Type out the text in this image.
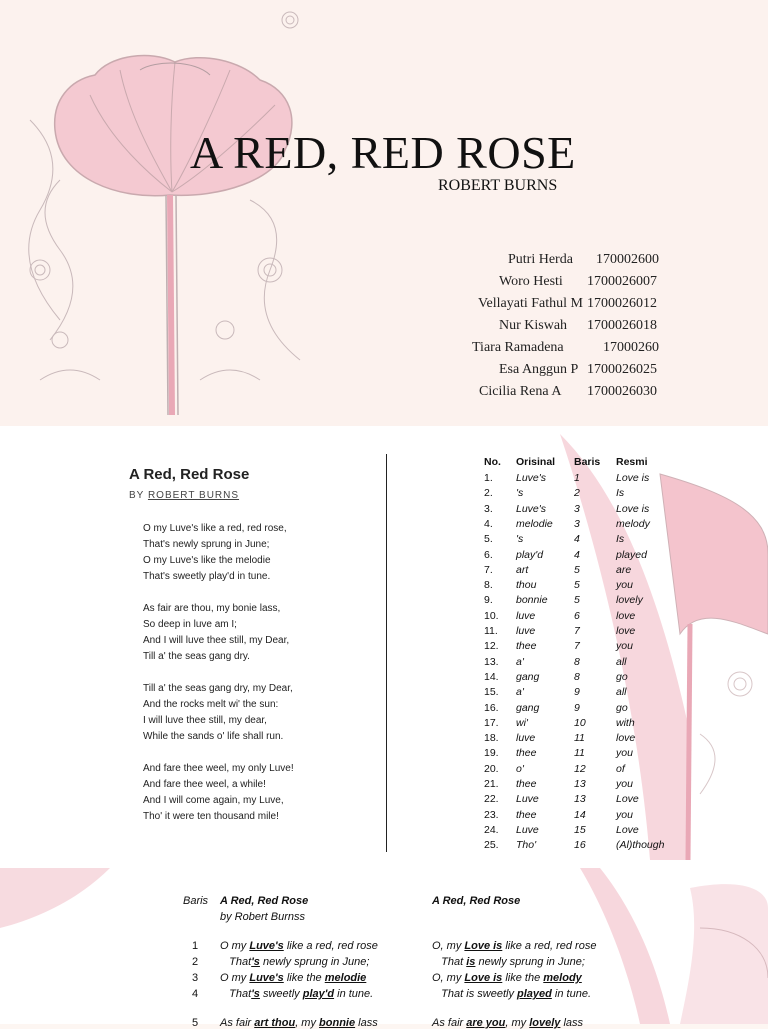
A RED, RED ROSE
ROBERT BURNS
Putri Herda 170002600
Woro Hesti 1700026007
Vellayati Fathul M 1700026012
Nur Kiswah 1700026018
Tiara Ramadena	17000260
Esa Anggun P 1700026025
Cicilia Rena A 1700026030
A Red, Red Rose
BY ROBERT BURNS
O my Luve's like a red, red rose,
That's newly sprung in June;
O my Luve's like the melodie
That's sweetly play'd in tune.
As fair are thou, my bonie lass,
So deep in luve am I;
And I will luve thee still, my Dear,
Till a' the seas gang dry.
Till a' the seas gang dry, my Dear,
And the rocks melt wi' the sun:
I will luve thee still, my dear,
While the sands o' life shall run.
And fare thee weel, my only Luve!
And fare thee weel, a while!
And I will come again, my Luve,
Tho' it were ten thousand mile!
No. Orisinal Baris Resmi
1. Luve's	1	Love is
2. 's	2	Is
3. Luve's	3	Love is
4. melodie 3	melody
5. 's	4	Is
6. play'd	4	played
7. art	5	are
8. thou	5	you
9. bonnie	5	lovely
10. luve	6	love
11. luve	7	love
12. thee	7	you
13. a'	8	all
14. gang	8	go
15. a'	9	all
16. gang	9	go
17. wi'	10	with
18. luve	11	love
19. thee	11	you
20. o'	12	of
21. thee	13	you
22. Luve	13	Love
23. thee	14	you
24. Luve	15	Love
25. Tho'	16	(Al)though
Baris A Red, Red Rose
by Robert Burnss
A Red, Red Rose
1 O my Luve's like a red, red rose	O, my Love is like a red, red rose
2 That's newly sprung in June;	That is newly sprung in June;
3 O my Luve's like the melodie	O, my Love is like the melody
4 That's sweetly play'd in tune.	That is sweetly played in tune.
5 As fair art thou, my bonnie lass	As fair are you, my lovely lass
